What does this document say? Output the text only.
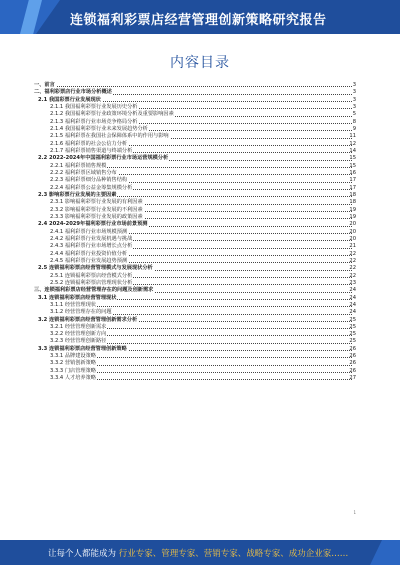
连锁福利彩票店经营管理创新策略研究报告
内容目录
一、前言	3
二、福利彩票店行业市场分析概述	3
2.1 我国彩票行业发展现状	3
2.1.1 我国福利彩票行业发展历史分析	3
2.1.2 我国福利彩票行业政策环境分析及重要影响因素	5
2.1.3 福利彩票行业市场竞争格局分析	8
2.1.4 我国福利彩票行业未来发展趋势分析	9
2.1.5 福利彩票在我国社会保障体系中的作用与影响	11
2.1.6 福利彩票的社会公信力分析	12
2.1.7 福利彩票销售渠道与终端分析	14
2.2 2022-2024年中国福利彩票行业市场运营规模分析	15
2.2.1 福利彩票销售规模	15
2.2.2 福利彩票区域销售分布	16
2.2.3 福利彩票细分品种销售结构	17
2.2.4 福利彩票公益金筹集规模分析	17
2.3 影响彩票行业发展的主要因素	18
2.3.1 影响福利彩票行业发展的有利因素	18
2.3.2 影响福利彩票行业发展的不利因素	19
2.3.3 影响福利彩票行业发展的政策因素	19
2.4 2024-2029年福利彩票行业市场前景预测	20
2.4.1 福利彩票行业市场规模预测	20
2.4.2 福利彩票行业发展机遇与挑战	20
2.4.3 福利彩票行业市场增长点分析	21
2.4.4 福利彩票行业投资价值分析	22
2.4.5 福利彩票行业发展趋势预测	22
2.5 连锁福利彩票店经营管理模式与发展现状分析	22
2.5.1 连锁福利彩票店经营模式分析	22
2.5.2 连锁福利彩票店管理现状分析	23
三、连锁福利彩票店经营管理存在的问题及创新需求	24
3.1 连锁福利彩票店经营管理现状	24
3.1.1 经营管理现状	24
3.1.2 经营管理存在的问题	24
3.2 连锁福利彩票店经营管理创新需求分析	25
3.2.1 经营管理创新需求	25
3.2.2 经营管理创新方向	25
3.2.3 经营管理创新路径	25
3.3 连锁福利彩票店经营管理创新策略	26
3.3.1 品牌建设策略	26
3.3.2 营销创新策略	26
3.3.3 门店管理策略	26
3.3.4 人才培养策略	27
1
让每个人都能成为 行业专家、管理专家、营销专家、战略专家、成功企业家……
